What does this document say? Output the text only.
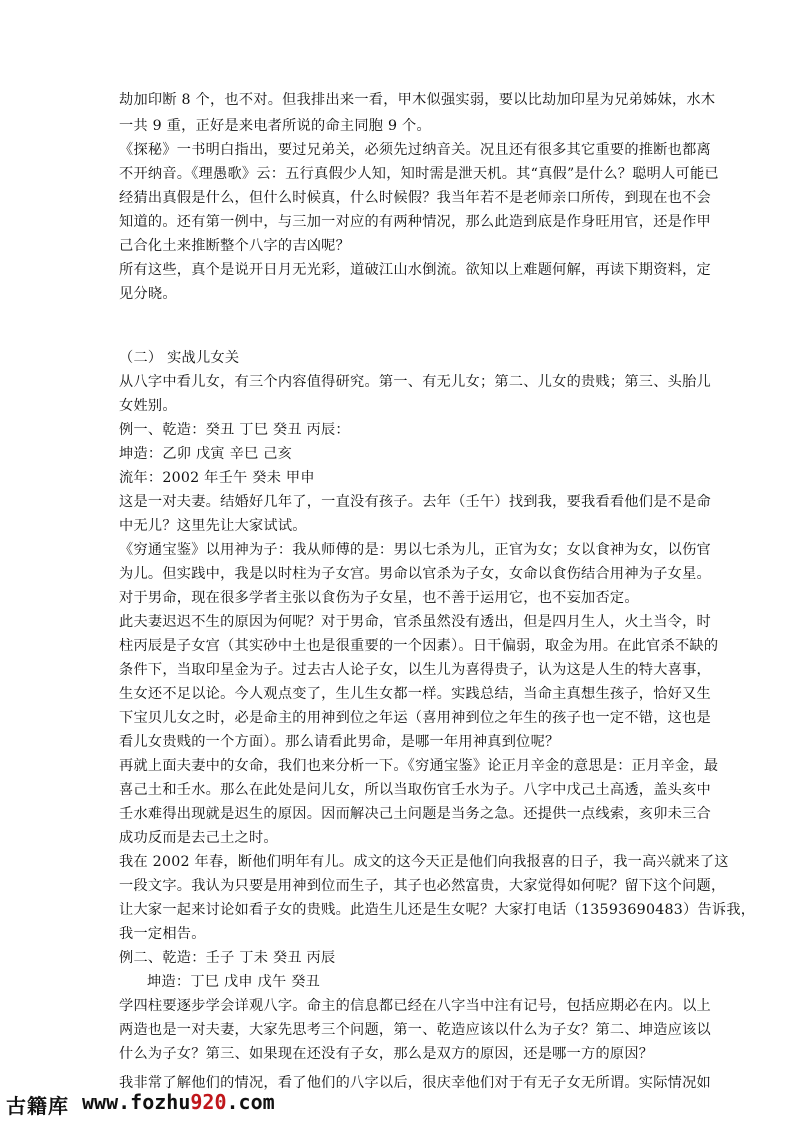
劫加印断 8 个，也不对。但我排出来一看，甲木似强实弱，要以比劫加印星为兄弟姊妹，水木
一共 9 重，正好是来电者所说的命主同胞 9 个。
《探秘》一书明白指出，要过兄弟关，必须先过纳音关。况且还有很多其它重要的推断也都离
不开纳音。《理愚歌》云：五行真假少人知，知时需是泄天机。其“真假”是什么？聪明人可能已
经猜出真假是什么，但什么时候真，什么时候假？我当年若不是老师亲口所传，到现在也不会
知道的。还有第一例中，与三加一对应的有两种情况，那么此造到底是作身旺用官，还是作甲
己合化土来推断整个八字的吉凶呢？
所有这些，真个是说开日月无光彩，道破江山水倒流。欲知以上难题何解，再读下期资料，定
见分晓。
（二） 实战儿女关
从八字中看儿女，有三个内容值得研究。第一、有无儿女；第二、儿女的贵贱；第三、头胎儿
女姓别。
例一、乾造：癸丑 丁巳 癸丑 丙辰：
坤造：乙卯 戊寅 辛巳 己亥
流年：2002 年壬午 癸未 甲申
这是一对夫妻。结婚好几年了，一直没有孩子。去年（壬午）找到我，要我看看他们是不是命
中无儿？这里先让大家试试。
《穷通宝鉴》以用神为子：我从师傅的是：男以七杀为儿，正官为女；女以食神为女，以伤官
为儿。但实践中，我是以时柱为子女宫。男命以官杀为子女，女命以食伤结合用神为子女星。
对于男命，现在很多学者主张以食伤为子女星，也不善于运用它，也不妄加否定。
此夫妻迟迟不生的原因为何呢？对于男命，官杀虽然没有透出，但是四月生人，火土当令，时
柱丙辰是子女宫（其实砂中土也是很重要的一个因素）。日干偏弱，取金为用。在此官杀不缺的
条件下，当取印星金为子。过去古人论子女，以生儿为喜得贵子，认为这是人生的特大喜事，
生女还不足以论。今人观点变了，生儿生女都一样。实践总结，当命主真想生孩子，恰好又生
下宝贝儿女之时，必是命主的用神到位之年运（喜用神到位之年生的孩子也一定不错，这也是
看儿女贵贱的一个方面）。那么请看此男命，是哪一年用神真到位呢？
再就上面夫妻中的女命，我们也来分析一下。《穷通宝鉴》论正月辛金的意思是：正月辛金，最
喜己土和壬水。那么在此处是问儿女，所以当取伤官壬水为子。八字中戊己土高透，盖头亥中
壬水难得出现就是迟生的原因。因而解决己土问题是当务之急。还提供一点线索，亥卯未三合
成功反而是去己土之时。
我在 2002 年春，断他们明年有儿。成文的这今天正是他们向我报喜的日子，我一高兴就来了这
一段文字。我认为只要是用神到位而生子，其子也必然富贵，大家觉得如何呢？留下这个问题，
让大家一起来讨论如看子女的贵贱。此造生儿还是生女呢？大家打电话（13593690483）告诉我，
我一定相告。
例二、乾造：壬子 丁未 癸丑 丙辰
坤造：丁巳 戊申 戊午 癸丑
学四柱要逐步学会详观八字。命主的信息都已经在八字当中注有记号，包括应期必在内。以上
两造也是一对夫妻，大家先思考三个问题，第一、乾造应该以什么为子女？第二、坤造应该以
什么为子女？第三、如果现在还没有子女，那么是双方的原因，还是哪一方的原因？
我非常了解他们的情况，看了他们的八字以后，很庆幸他们对于有无子女无所谓。实际情况如
古籍库 www.fozhu920.com
